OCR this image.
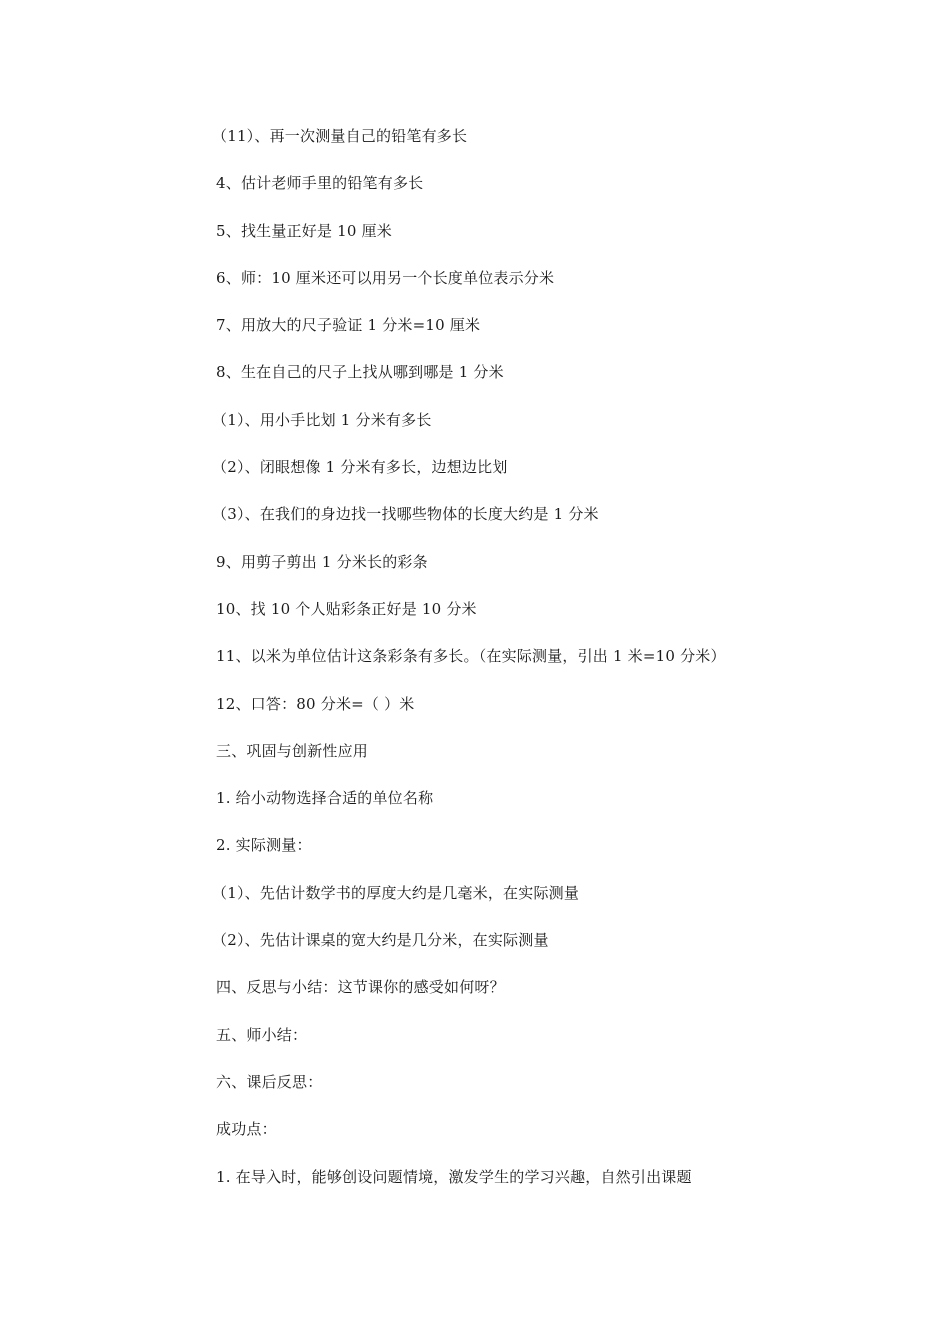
（11）、再一次测量自己的铅笔有多长
4、估计老师手里的铅笔有多长
5、找生量正好是 10 厘米
6、师：10 厘米还可以用另一个长度单位表示分米
7、用放大的尺子验证 1 分米=10 厘米
8、生在自己的尺子上找从哪到哪是 1 分米
（1）、用小手比划 1 分米有多长
（2）、闭眼想像 1 分米有多长，边想边比划
（3）、在我们的身边找一找哪些物体的长度大约是 1 分米
9、用剪子剪出 1 分米长的彩条
10、找 10 个人贴彩条正好是 10 分米
11、以米为单位估计这条彩条有多长。（在实际测量，引出 1 米=10 分米）
12、口答：80 分米=（ ）米
三、巩固与创新性应用
1. 给小动物选择合适的单位名称
2. 实际测量：
（1）、先估计数学书的厚度大约是几毫米，在实际测量
（2）、先估计课桌的宽大约是几分米，在实际测量
四、反思与小结：这节课你的感受如何呀？
五、师小结：
六、课后反思：
成功点：
1. 在导入时，能够创设问题情境，激发学生的学习兴趣，自然引出课题
